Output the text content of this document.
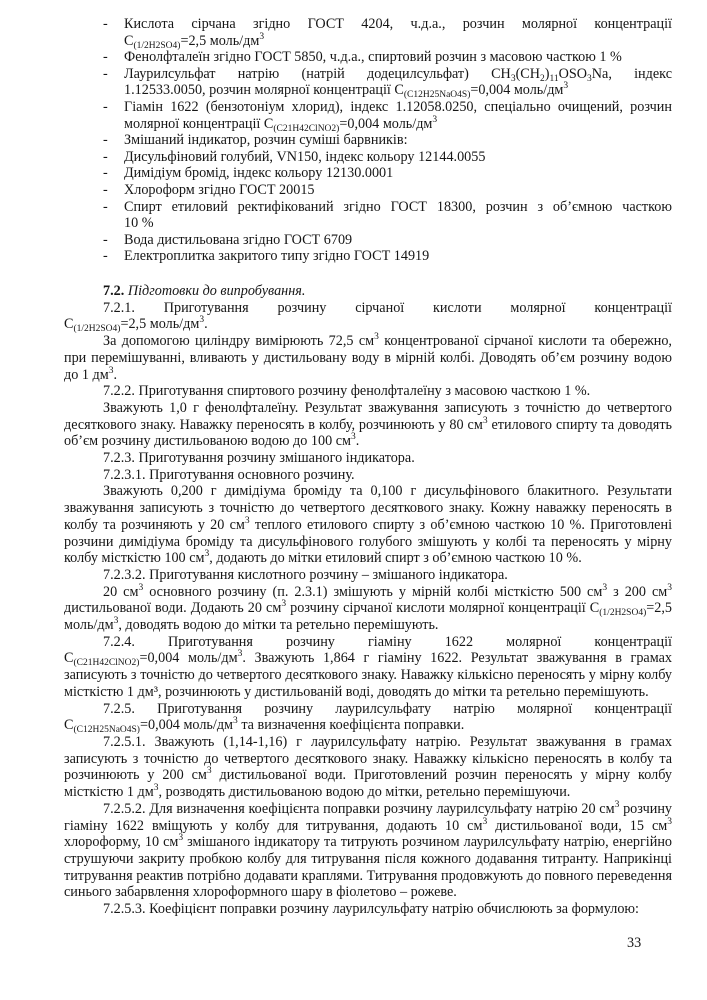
- Кислота сірчана згідно ГОСТ 4204, ч.д.а., розчин молярної концентрації
$C_{(1/2H2SO4)}=2,5$ моль/$дм^3$
- Фенолфталеїн згідно ГОСТ 5850, ч.д.а., спиртовий розчин з масовою часткою 1 %
- Лаурилсульфат натрію (натрій додецилсульфат) $CH_3(CH_2)_{11}OSO_3Na$, індекс
1.12533.0050, розчин молярної концентрації $C_{(C12H25NaO4S)}=0,004$ моль/$дм^3$
- Гіамін 1622 (бензотоніум хлорид), індекс 1.12058.0250, спеціально очищений, розчин
молярної концентрації $C_{(C21H42ClNO2)}=0,004$ моль/$дм^3$
- Змішаний індикатор, розчин суміші барвників:
- Дисульфіновий голубий, VN150, індекс кольору 12144.0055
- Димідіум бромід, індекс кольору 12130.0001
- Хлороформ згідно ГОСТ 20015
- Спирт етиловий ректифікований згідно ГОСТ 18300, розчин з об’ємною часткою
10 %
- Вода дистильована згідно ГОСТ 6709
- Електроплитка закритого типу згідно ГОСТ 14919
7.2. Підготовки до випробування.
7.2.1. Приготування розчину сірчаної кислоти молярної концентрації
$C_{(1/2H2SO4)}=2,5$ моль/$дм^3$.
За допомогою циліндру вимірюють 72,5 $см^3$ концентрованої сірчаної кислоти та обережно, при перемішуванні, вливають у дистильовану воду в мірній колбі. Доводять об’єм розчину водою до 1 $дм^3$.
7.2.2. Приготування спиртового розчину фенолфталеїну з масовою часткою 1 %.
Зважують 1,0 г фенолфталеїну. Результат зважування записують з точністю до четвертого десяткового знаку. Наважку переносять в колбу, розчинюють у 80 $см^3$ етилового спирту та доводять об’єм розчину дистильованою водою до 100 $см^3$.
7.2.3. Приготування розчину змішаного індикатора.
7.2.3.1. Приготування основного розчину.
Зважують 0,200 г димідіума броміду та 0,100 г дисульфінового блакитного. Результати зважування записують з точністю до четвертого десяткового знаку. Кожну наважку переносять в колбу та розчиняють у 20 $см^3$ теплого етилового спирту з об’ємною часткою 10 %. Приготовлені розчини димідіума броміду та дисульфінового голубого змішують у колбі та переносять у мірну колбу місткістю 100 $см^3$, додають до мітки етиловий спирт з об’ємною часткою 10 %.
7.2.3.2. Приготування кислотного розчину – змішаного індикатора.
20 $см^3$ основного розчину (п. 2.3.1) змішують у мірній колбі місткістю 500 $см^3$ з 200 $см^3$ дистильованої води. Додають 20 $см^3$ розчину сірчаної кислоти молярної концентрації $C_{(1/2H2SO4)}=2,5$ моль/$дм^3$, доводять водою до мітки та ретельно перемішують.
7.2.4. Приготування розчину гіаміну 1622 молярної концентрації
$C_{(C21H42ClNO2)}=0,004$ моль/$дм^3$. Зважують 1,864 г гіаміну 1622. Результат зважування в грамах записують з точністю до четвертого десяткового знаку. Наважку кількісно переносять у мірну колбу місткістю 1 дм³, розчинюють у дистильованій воді, доводять до мітки та ретельно перемішують.
7.2.5. Приготування розчину лаурилсульфату натрію молярної концентрації
$C_{(C12H25NaO4S)}=0,004$ моль/$дм^3$ та визначення коефіцієнта поправки.
7.2.5.1. Зважують (1,14-1,16) г лаурилсульфату натрію. Результат зважування в грамах записують з точністю до четвертого десяткового знаку. Наважку кількісно переносять в колбу та розчинюють у 200 $см^3$ дистильованої води. Приготовлений розчин переносять у мірну колбу місткістю 1 $дм^3$, розводять дистильованою водою до мітки, ретельно перемішуючи.
7.2.5.2. Для визначення коефіцієнта поправки розчину лаурилсульфату натрію 20 $см^3$ розчину гіаміну 1622 вміщують у колбу для титрування, додають 10 $см^3$ дистильованої води, 15 $см^3$ хлороформу, 10 $см^3$ змішаного індикатору та титрують розчином лаурилсульфату натрію, енергійно струшуючи закриту пробкою колбу для титрування після кожного додавання титранту. Наприкінці титрування реактив потрібно додавати краплями. Титрування продовжують до повного переведення синього забарвлення хлороформного шару в фіолетово – рожеве.
7.2.5.3. Коефіцієнт поправки розчину лаурилсульфату натрію обчислюють за формулою:
33
